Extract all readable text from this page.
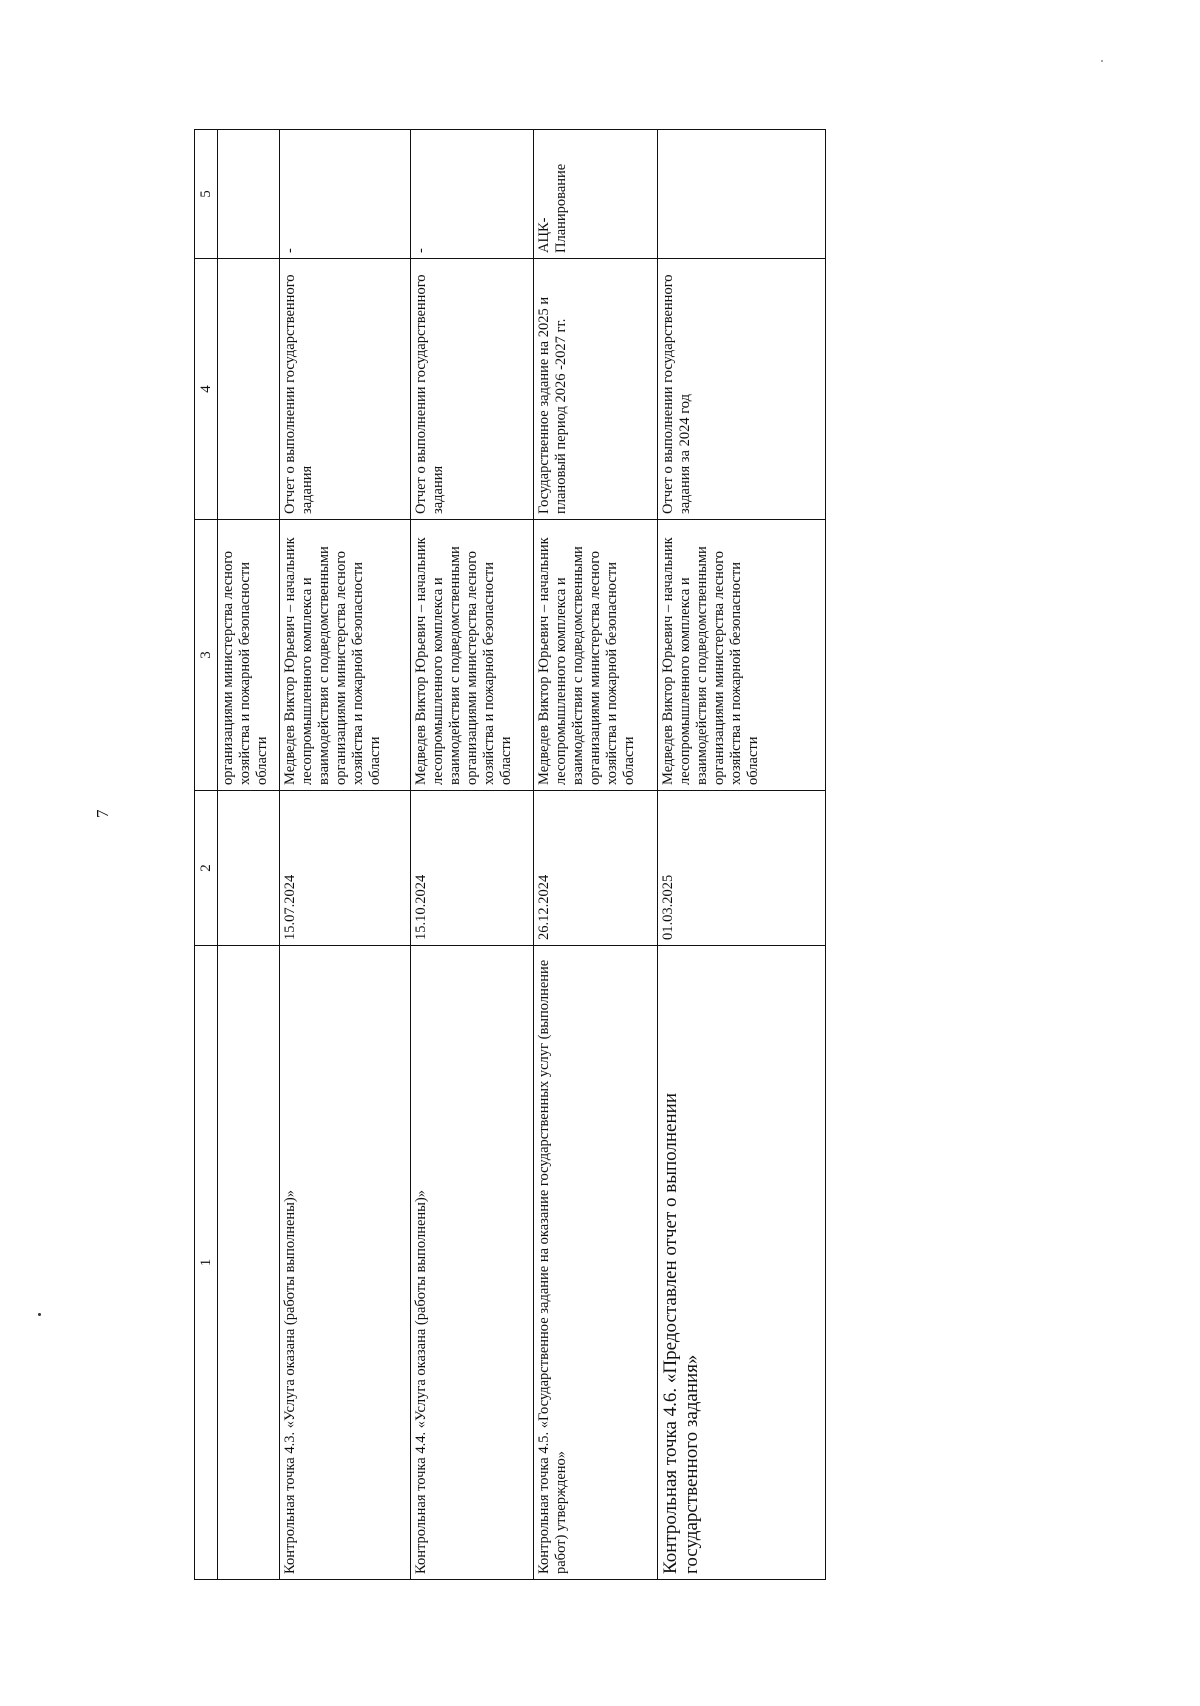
7
1	2	3	4	5
		организациями министерства лесного хозяйства и пожарной безопасности области		
Контрольная точка 4.3. «Услуга оказана (работы выполнены)»	15.07.2024	Медведев Виктор Юрьевич – начальник лесопромышленного комплекса и взаимодействия с подведомственными организациями министерства лесного хозяйства и пожарной безопасности области	Отчет о выполнении государственного задания	-
Контрольная точка 4.4. «Услуга оказана (работы выполнены)»	15.10.2024	Медведев Виктор Юрьевич – начальник лесопромышленного комплекса и взаимодействия с подведомственными организациями министерства лесного хозяйства и пожарной безопасности области	Отчет о выполнении государственного задания	-
Контрольная точка 4.5. «Государственное задание на оказание государственных услуг (выполнение работ) утверждено»	26.12.2024	Медведев Виктор Юрьевич – начальник лесопромышленного комплекса и взаимодействия с подведомственными организациями министерства лесного хозяйства и пожарной безопасности области	Государственное задание на 2025 и плановый период 2026 -2027 гг.	АЦК-Планирование
Контрольная точка 4.6. «Предоставлен отчет о выполнении государственного задания»	01.03.2025	Медведев Виктор Юрьевич – начальник лесопромышленного комплекса и взаимодействия с подведомственными организациями министерства лесного хозяйства и пожарной безопасности области	Отчет о выполнении государственного задания за 2024 год	
